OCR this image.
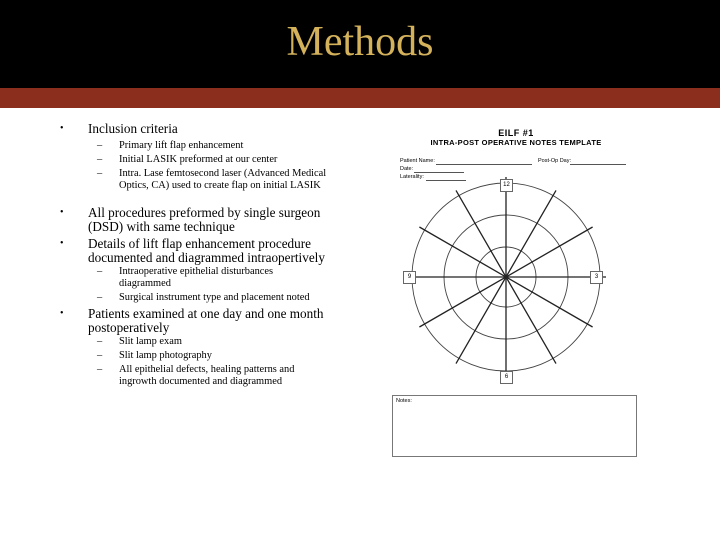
Methods
• Inclusion criteria
– Primary lift flap enhancement
– Initial LASIK preformed at our center
– Intra. Lase femtosecond laser (Advanced Medical Optics, CA) used to create flap on initial LASIK
• All procedures preformed by single surgeon (DSD) with same technique
• Details of lift flap enhancement procedure documented and diagrammed intraopertively
– Intraoperative epithelial disturbances diagrammed
– Surgical instrument type and placement noted
• Patients examined at one day and one month postoperatively
– Slit lamp exam
– Slit lamp photography
– All epithelial defects, healing patterns and ingrowth documented and diagrammed
EILF #1
INTRA-POST OPERATIVE NOTES TEMPLATE
Patient Name:	Post-Op Day:
Date:
Laterality:
12
3
6
9
Notes:
